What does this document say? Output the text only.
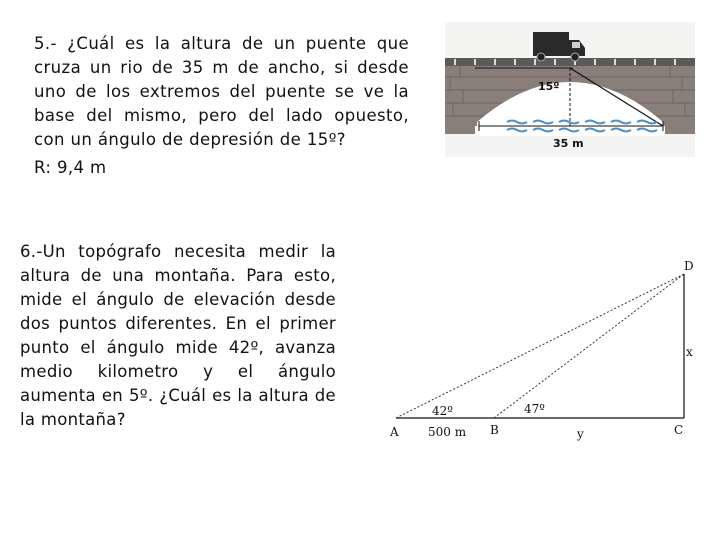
5.- ¿Cuál es la altura de un puente que cruza un rio de 35 m de ancho, si desde uno de los extremos del puente se ve la base del mismo, pero del lado opuesto, con un ángulo de depresión de 15º?
R: 9,4 m
15º
35 m
6.-Un topógrafo necesita medir la altura de una montaña. Para esto, mide el ángulo de elevación desde dos puntos diferentes. En el primer punto el ángulo mide 42º, avanza medio kilometro y el ángulo aumenta en 5º. ¿Cuál es la altura de la montaña?
A	B	C
D
42º	47º
500 m	y
x
